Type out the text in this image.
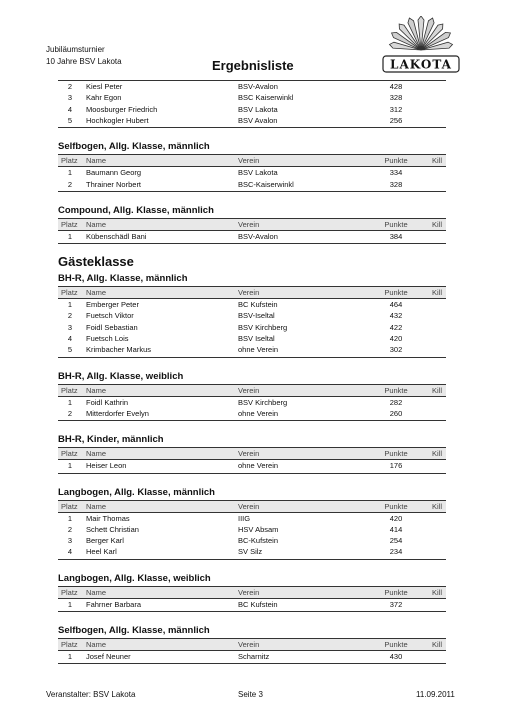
Jubiläumsturnier
10 Jahre BSV Lakota	Ergebnisliste	LAKOTA
2	Kiesl Peter	BSV-Avalon	428
3	Kahr Egon	BSC Kaiserwinkl	328
4	Moosburger Friedrich	BSV Lakota	312
5	Hochkogler Hubert	BSV Avalon	256
Selfbogen, Allg. Klasse, männlich
Platz Name	Verein	Punkte	Kill
1	Baumann Georg	BSV Lakota	334
2	Thrainer Norbert	BSC-Kaiserwinkl	328
Compound, Allg. Klasse, männlich
Platz Name	Verein	Punkte	Kill
1	Kübenschädl Bani	BSV-Avalon	384
Gästeklasse
BH-R, Allg. Klasse, männlich
Platz Name	Verein	Punkte	Kill
1	Emberger Peter	BC Kufstein	464
2	Fuetsch Viktor	BSV-Iseltal	432
3	Foidl Sebastian	BSV Kirchberg	422
4	Fuetsch Lois	BSV Iseltal	420
5	Krimbacher Markus	ohne Verein	302
BH-R, Allg. Klasse, weiblich
Platz Name	Verein	Punkte	Kill
1	Foidl Kathrin	BSV Kirchberg	282
2	Mitterdorfer Evelyn	ohne Verein	260
BH-R, Kinder, männlich
Platz Name	Verein	Punkte	Kill
1	Heiser Leon	ohne Verein	176
Langbogen, Allg. Klasse, männlich
Platz Name	Verein	Punkte	Kill
1	Mair Thomas	IIIG	420
2	Schett Christian	HSV Absam	414
3	Berger Karl	BC-Kufstein	254
4	Heel Karl	SV Silz	234
Langbogen, Allg. Klasse, weiblich
Platz Name	Verein	Punkte	Kill
1	Fahrner Barbara	BC Kufstein	372
Selfbogen, Allg. Klasse, männlich
Platz Name	Verein	Punkte	Kill
1	Josef Neuner	Scharnitz	430
Veranstalter: BSV Lakota	Seite 3	11.09.2011
